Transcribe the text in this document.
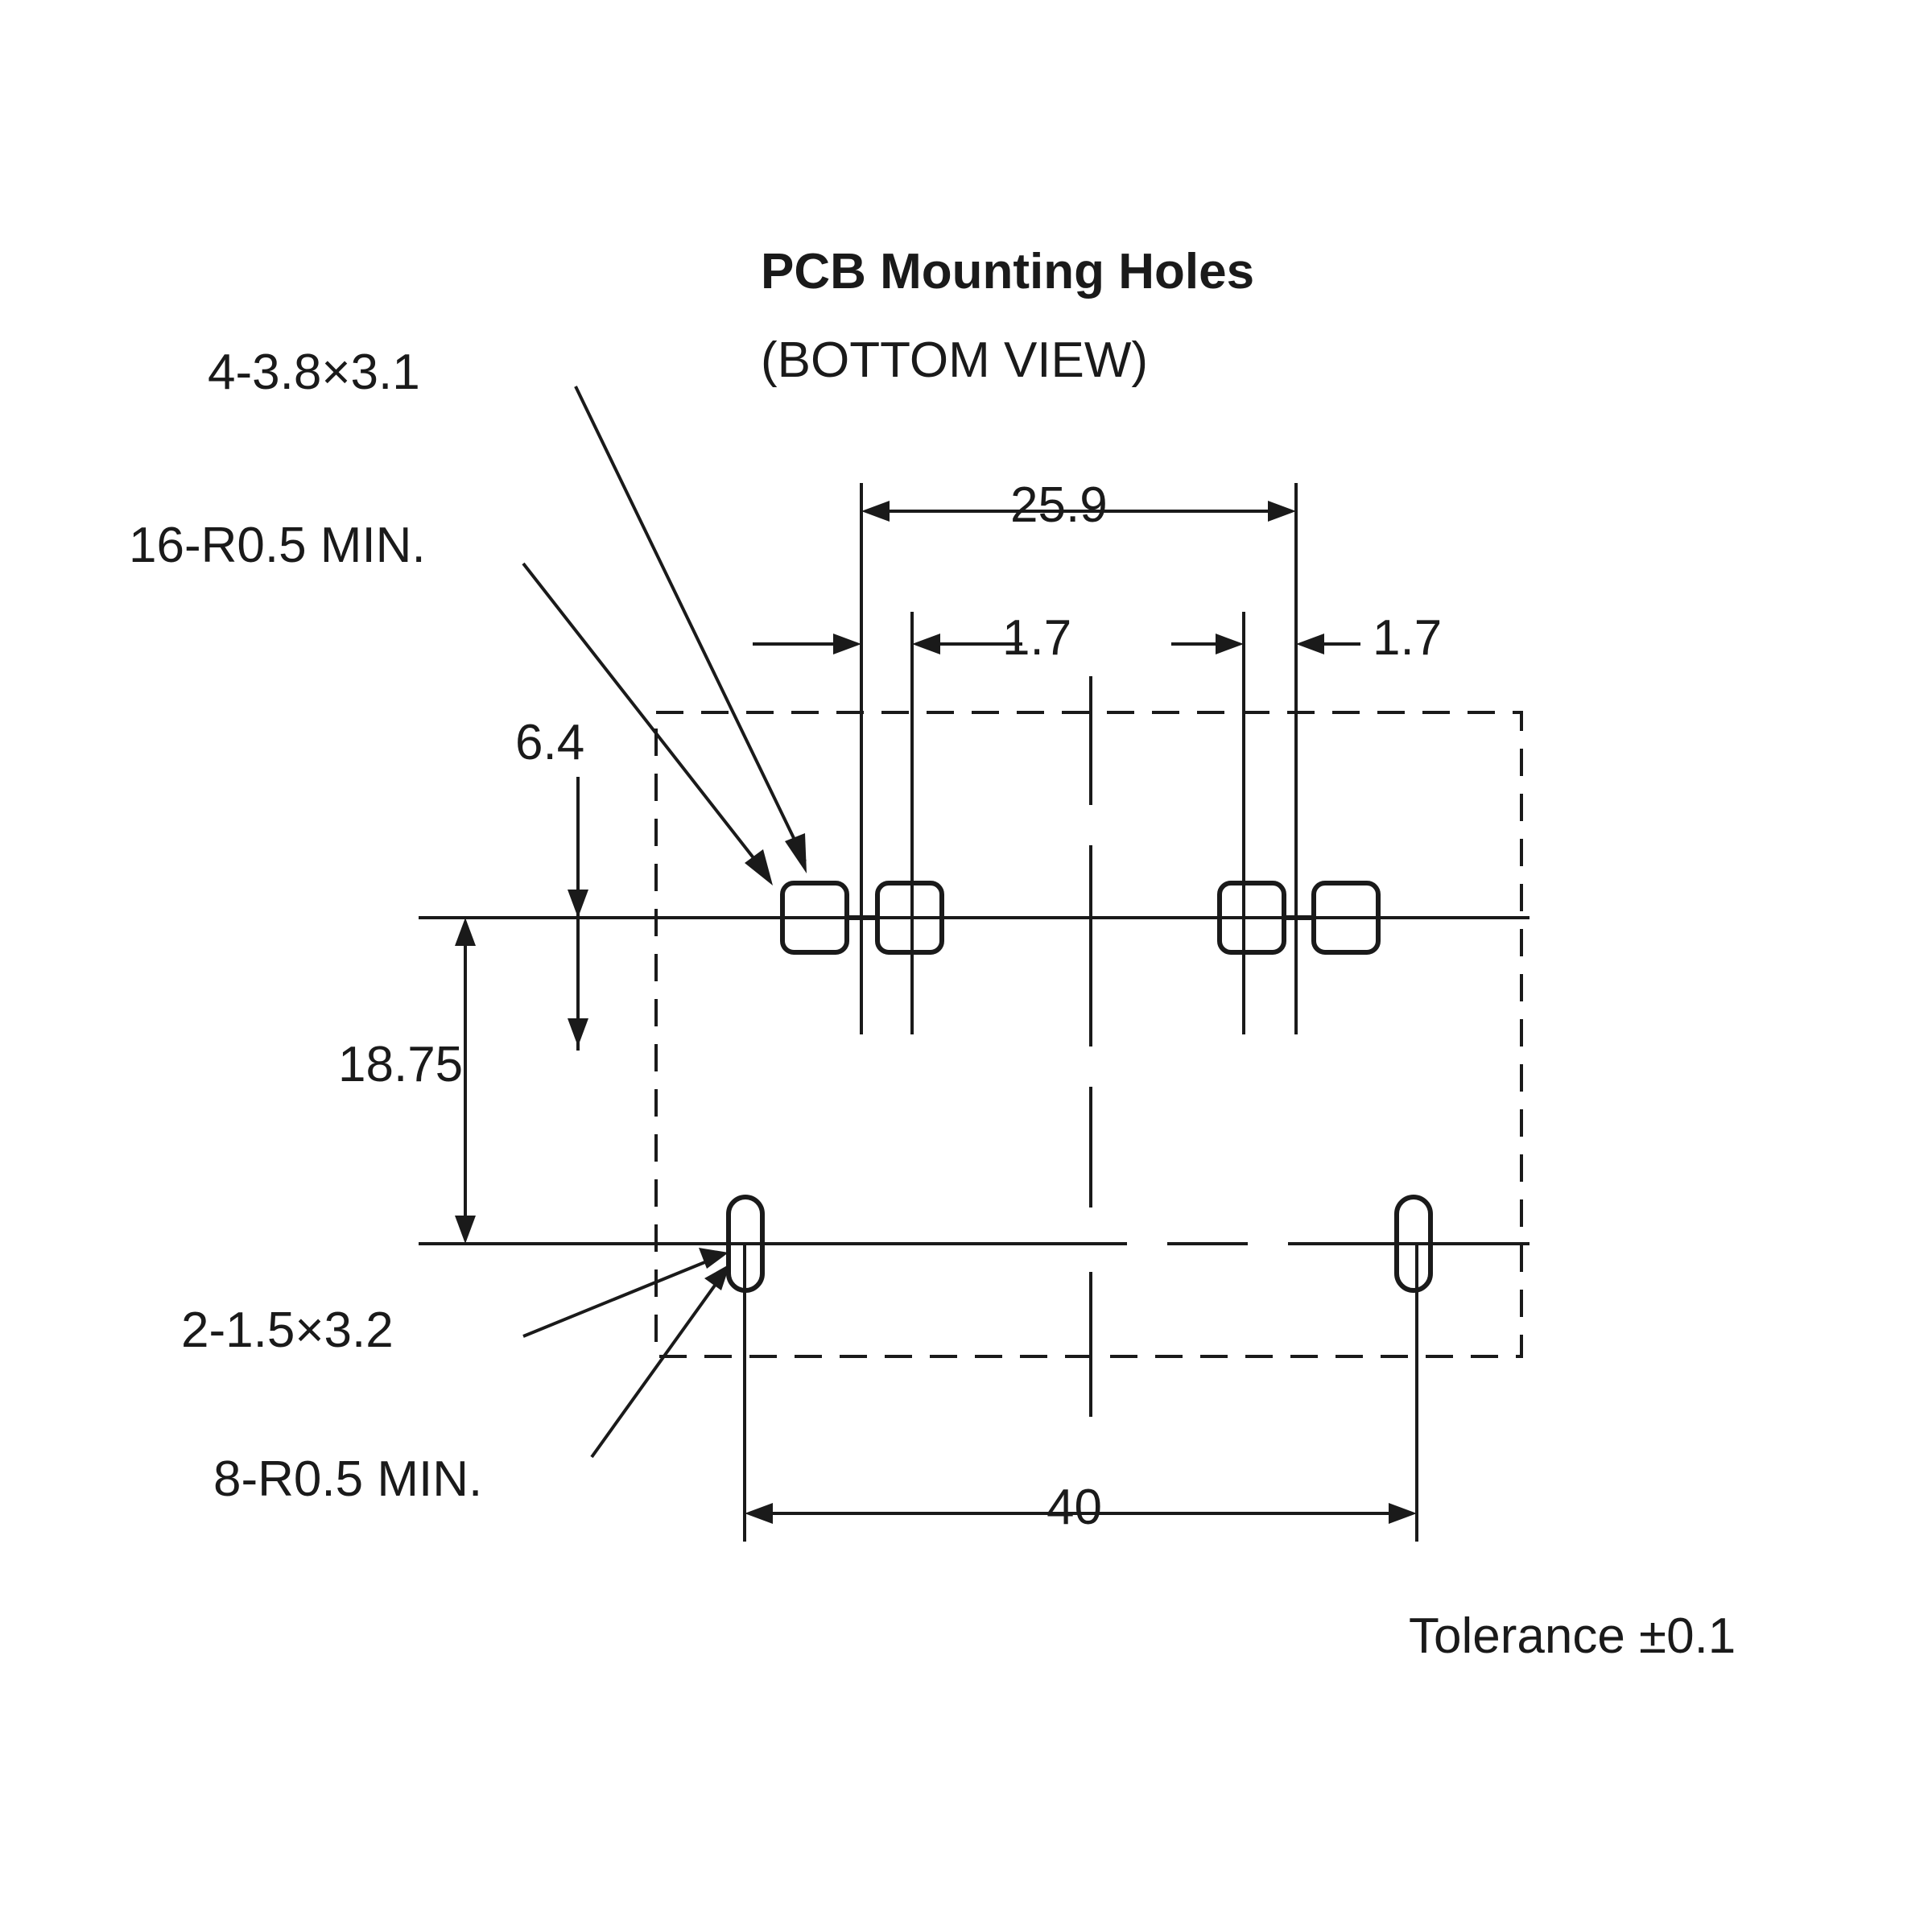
PCB Mounting Holes
(BOTTOM VIEW)
4-3.8×3.1
16-R0.5 MIN.
6.4
25.9
1.7	1.7
18.75
2-1.5×3.2
8-R0.5 MIN.
40
Tolerance ±0.1
